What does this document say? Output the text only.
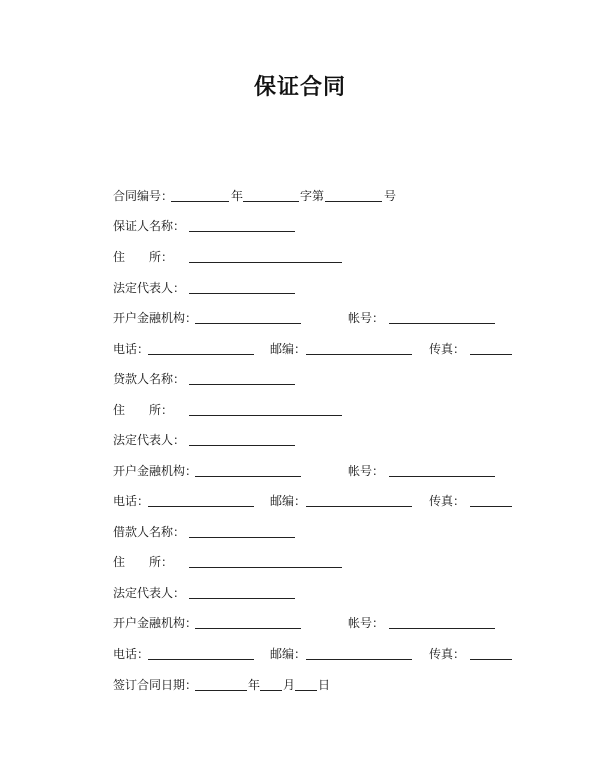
保证合同
合同编号：	年	字第	号
保证人名称：
住　　所：
法定代表人：
开户金融机构：	帐号：
电话：	邮编：	传真：
贷款人名称：
住　　所：
法定代表人：
开户金融机构：	帐号：
电话：	邮编：	传真：
借款人名称：
住　　所：
法定代表人：
开户金融机构：	帐号：
电话：	邮编：	传真：
签订合同日期：	年 月 日
